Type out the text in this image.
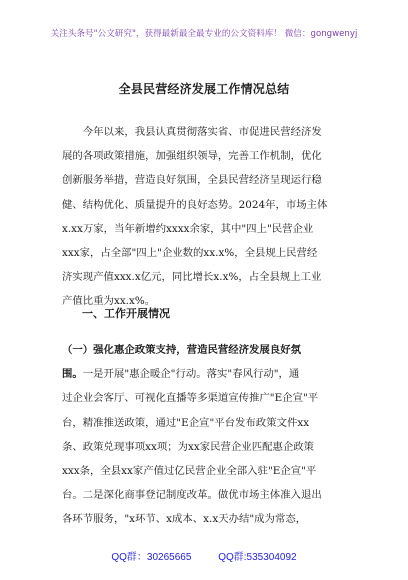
关注头条号"公文研究"，获得最新最全最专业的公文资料库！ 微信：gongwenyj
全县民营经济发展工作情况总结
　　今年以来，我县认真贯彻落实省、市促进民营经济发
展的各项政策措施，加强组织领导，完善工作机制，优化
创新服务举措，营造良好氛围，全县民营经济呈现运行稳
健、结构优化、质量提升的良好态势。2024年，市场主体
x.xx万家，当年新增约xxxx余家，其中"四上"民营企业
xxx家，占全部"四上"企业数的xx.x%，全县规上民营经
济实现产值xxx.x亿元，同比增长x.x%，占全县规上工业
产值比重为xx.x%。
一、工作开展情况
（一）强化惠企政策支持，营造民营经济发展良好氛
围。一是开展"惠企暖企"行动。落实"春风行动"，通
过企业会客厅、可视化直播等多渠道宣传推广"E企宣"平
台，精准推送政策，通过"E企宣"平台发布政策文件xx
条、政策兑现事项xx项；为xx家民营企业匹配惠企政策
xxx条，全县xx家产值过亿民营企业全部入驻"E企宣"平
台。二是深化商事登记制度改革。做优市场主体准入退出
各环节服务，"x环节、x成本、x.x天办结"成为常态，
QQ群：30265665	QQ群:535304092
